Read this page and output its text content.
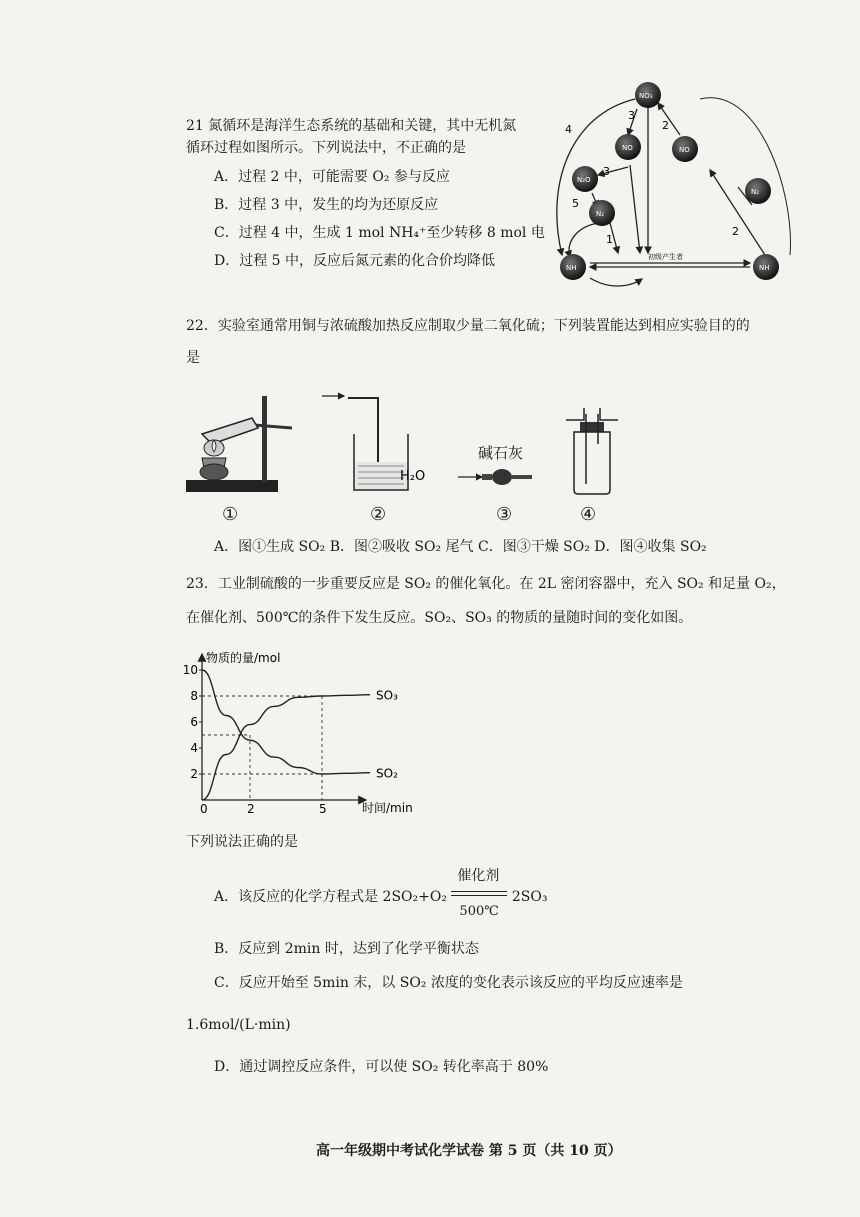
21 氮循环是海洋生态系统的基础和关键，其中无机氮
循环过程如图所示。下列说法中，不正确的是
A．过程 2 中，可能需要 O₂ 参与反应
B．过程 3 中，发生的均为还原反应
C．过程 4 中，生成 1 mol NH₄⁺至少转移 8 mol 电
D．过程 5 中，反应后氮元素的化合价均降低
3
2
4
3
5
1
2
初级产生者
NO₃
NO	NO
N₂O
N₂
NH	NH
N₂
22．实验室通常用铜与浓硫酸加热反应制取少量二氧化硫；下列装置能达到相应实验目的的
是
①
H₂O
②
碱石灰
③	④
A．图①生成 SO₂ B．图②吸收 SO₂ 尾气 C．图③干燥 SO₂ D．图④收集 SO₂
23．工业制硫酸的一步重要反应是 SO₂ 的催化氧化。在 2L 密闭容器中，充入 SO₂ 和足量 O₂，
在催化剂、500℃的条件下发生反应。SO₂、SO₃ 的物质的量随时间的变化如图。
物质的量/mol
时间/min
2
4
6
8
10
0	2	5
SO₃
SO₂

下列说法正确的是
A．该反应的化学方程式是 2SO₂+O₂
催化剂
500℃
2SO₃
B．反应到 2min 时，达到了化学平衡状态
C．反应开始至 5min 末，以 SO₂ 浓度的变化表示该反应的平均反应速率是
1.6mol/(L·min)
D．通过调控反应条件，可以使 SO₂ 转化率高于 80%
高一年级期中考试化学试卷 第 5 页（共 10 页）
